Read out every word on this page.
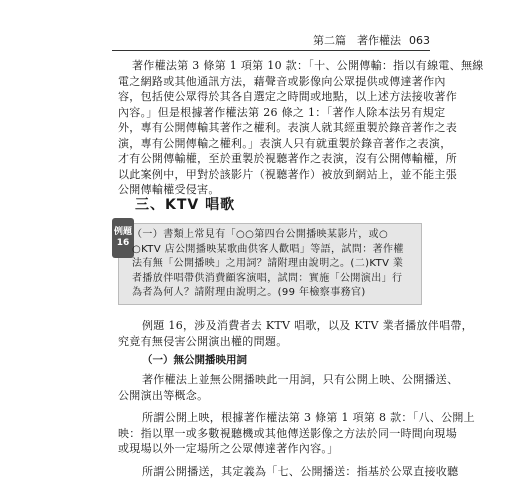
第二篇　著作權法 063
著作權法第 3 條第 1 項第 10 款：「十、公開傳輸：指以有線電、無線
電之網路或其他通訊方法，藉聲音或影像向公眾提供或傳達著作內
容，包括使公眾得於其各自選定之時間或地點，以上述方法接收著作
內容。」但是根據著作權法第 26 條之 1：「著作人除本法另有規定
外，專有公開傳輸其著作之權利。表演人就其經重製於錄音著作之表
演，專有公開傳輸之權利。」表演人只有就重製於錄音著作之表演，
才有公開傳輸權，至於重製於視聽著作之表演，沒有公開傳輸權，所
以此案例中，甲對於該影片（視聽著作）被放到網站上，並不能主張
公開傳輸權受侵害。
三、KTV 唱歌
例題
16
（一）書類上常見有「○○第四台公開播映某影片，或○
○KTV 店公開播映某歌曲供客人歡唱」等語，試問：著作權
法有無「公開播映」之用詞？請附理由說明之。(二)KTV 業
者播放伴唱帶供消費顧客演唱，試問：實施「公開演出」行
為者為何人？請附理由說明之。(99 年檢察事務官)
例題 16，涉及消費者去 KTV 唱歌，以及 KTV 業者播放伴唱帶，
究竟有無侵害公開演出權的問題。
（一）無公開播映用詞
著作權法上並無公開播映此一用詞，只有公開上映、公開播送、
公開演出等概念。
所謂公開上映，根據著作權法第 3 條第 1 項第 8 款：「八、公開上
映：指以單一或多數視聽機或其他傳送影像之方法於同一時間向現場
或現場以外一定場所之公眾傳達著作內容。」
所謂公開播送，其定義為「七、公開播送：指基於公眾直接收聽
